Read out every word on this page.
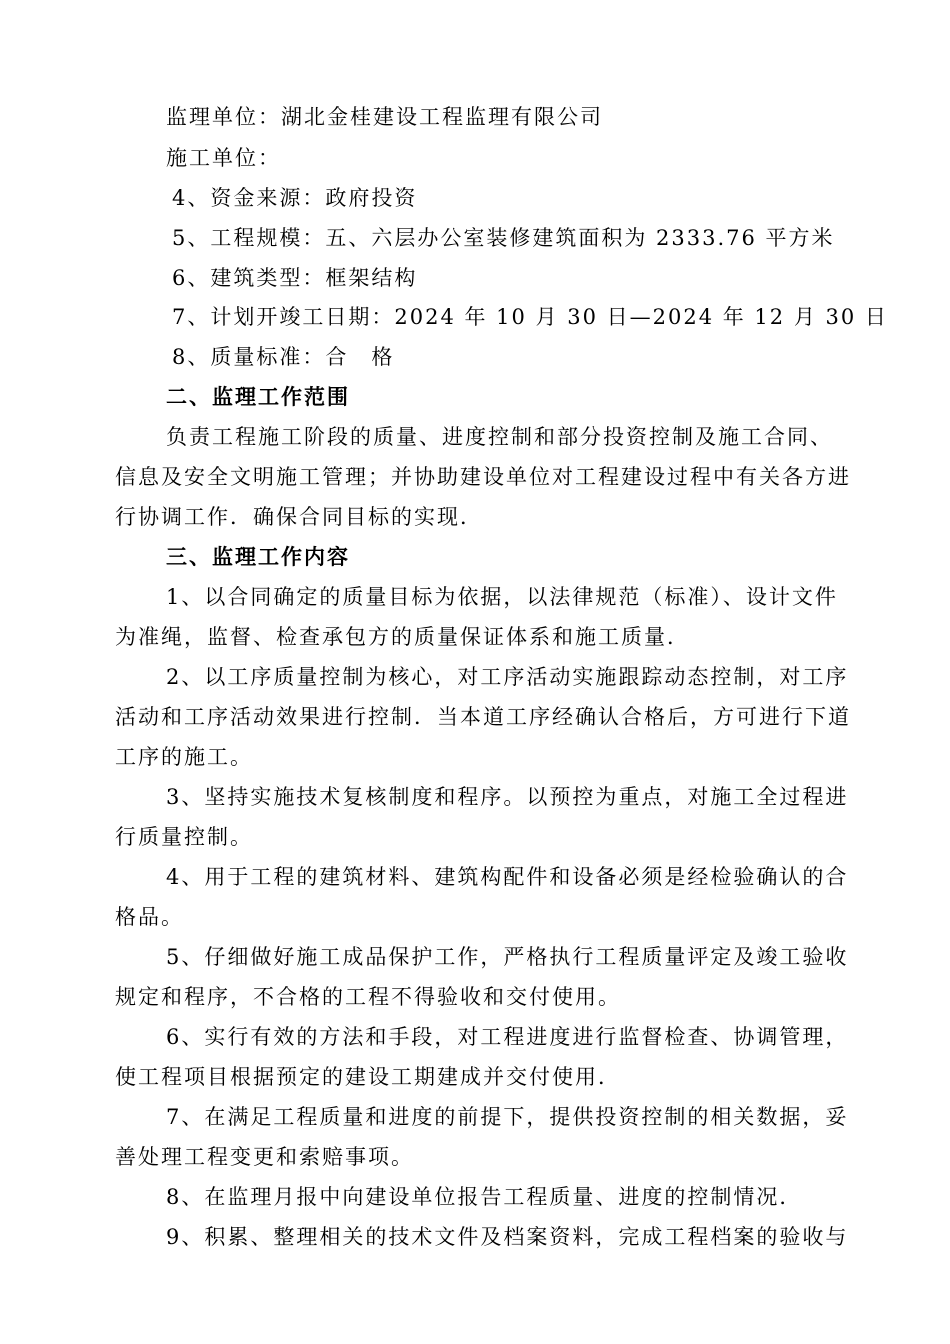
监理单位：湖北金桂建设工程监理有限公司
施工单位：
4、资金来源：政府投资
5、工程规模：五、六层办公室装修建筑面积为 2333.76 平方米
6、建筑类型：框架结构
7、计划开竣工日期：2024 年 10 月 30 日—2024 年 12 月 30 日
8、质量标准：合　格
二、监理工作范围
负责工程施工阶段的质量、进度控制和部分投资控制及施工合同、
信息及安全文明施工管理；并协助建设单位对工程建设过程中有关各方进
行协调工作．确保合同目标的实现．
三、监理工作内容
1、以合同确定的质量目标为依据，以法律规范（标准）、设计文件
为准绳，监督、检查承包方的质量保证体系和施工质量．
2、以工序质量控制为核心，对工序活动实施跟踪动态控制，对工序
活动和工序活动效果进行控制．当本道工序经确认合格后，方可进行下道
工序的施工。
3、坚持实施技术复核制度和程序。以预控为重点，对施工全过程进
行质量控制。
4、用于工程的建筑材料、建筑构配件和设备必须是经检验确认的合
格品。
5、仔细做好施工成品保护工作，严格执行工程质量评定及竣工验收
规定和程序，不合格的工程不得验收和交付使用。
6、实行有效的方法和手段，对工程进度进行监督检查、协调管理，
使工程项目根据预定的建设工期建成并交付使用．
7、在满足工程质量和进度的前提下，提供投资控制的相关数据，妥
善处理工程变更和索赔事项。
8、在监理月报中向建设单位报告工程质量、进度的控制情况．
9、积累、整理相关的技术文件及档案资料，完成工程档案的验收与
